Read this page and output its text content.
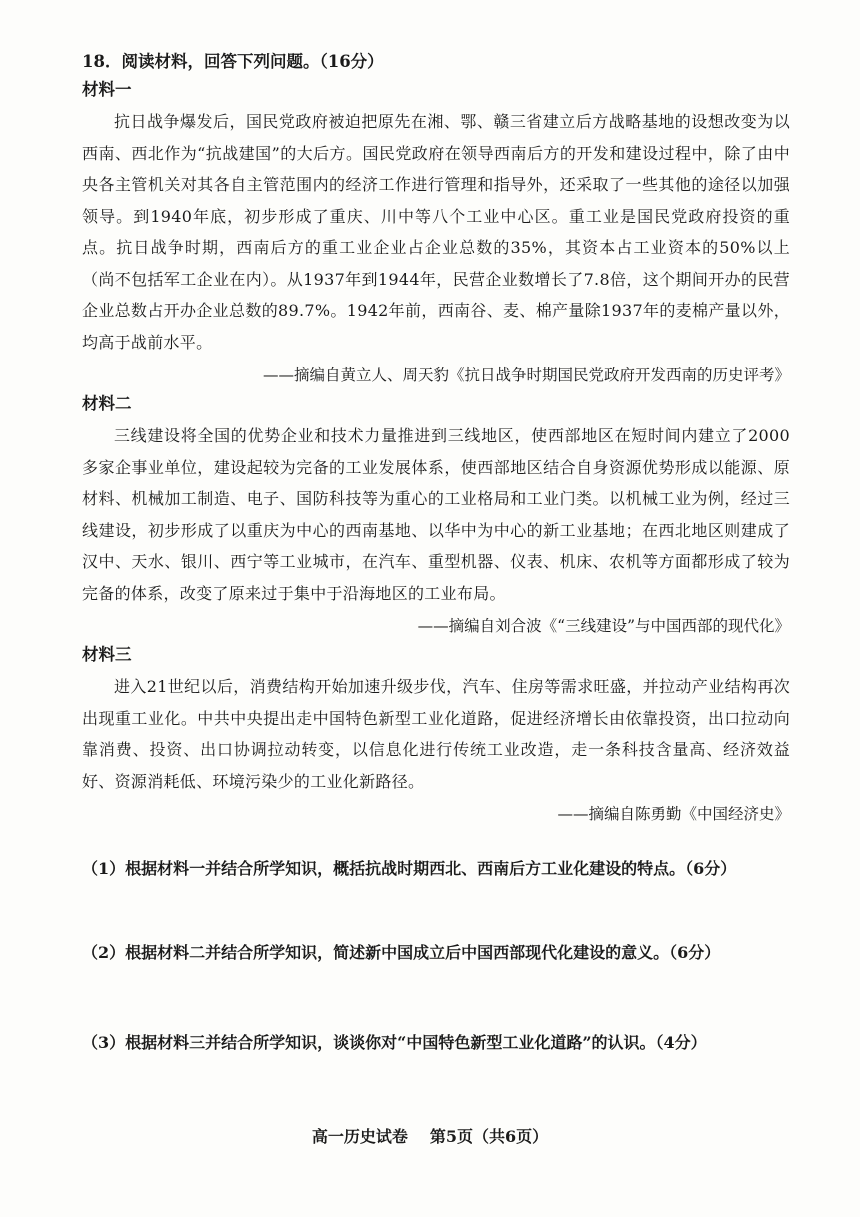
18．阅读材料，回答下列问题。（16分）

材料一

抗日战争爆发后，国民党政府被迫把原先在湘、鄂、赣三省建立后方战略基地的设想改变为以西南、西北作为“抗战建国”的大后方。国民党政府在领导西南后方的开发和建设过程中，除了由中央各主管机关对其各自主管范围内的经济工作进行管理和指导外，还采取了一些其他的途径以加强领导。到1940年底，初步形成了重庆、川中等八个工业中心区。重工业是国民党政府投资的重点。抗日战争时期，西南后方的重工业企业占企业总数的35%，其资本占工业资本的50%以上（尚不包括军工企业在内）。从1937年到1944年，民营企业数增长了7.8倍，这个期间开办的民营企业总数占开办企业总数的89.7%。1942年前，西南谷、麦、棉产量除1937年的麦棉产量以外，均高于战前水平。

——摘编自黄立人、周天豹《抗日战争时期国民党政府开发西南的历史评考》

材料二

三线建设将全国的优势企业和技术力量推进到三线地区，使西部地区在短时间内建立了2000多家企事业单位，建设起较为完备的工业发展体系，使西部地区结合自身资源优势形成以能源、原材料、机械加工制造、电子、国防科技等为重心的工业格局和工业门类。以机械工业为例，经过三线建设，初步形成了以重庆为中心的西南基地、以华中为中心的新工业基地；在西北地区则建成了汉中、天水、银川、西宁等工业城市，在汽车、重型机器、仪表、机床、农机等方面都形成了较为完备的体系，改变了原来过于集中于沿海地区的工业布局。

——摘编自刘合波《“三线建设”与中国西部的现代化》

材料三

进入21世纪以后，消费结构开始加速升级步伐，汽车、住房等需求旺盛，并拉动产业结构再次出现重工业化。中共中央提出走中国特色新型工业化道路，促进经济增长由依靠投资，出口拉动向靠消费、投资、出口协调拉动转变，以信息化进行传统工业改造，走一条科技含量高、经济效益好、资源消耗低、环境污染少的工业化新路径。

——摘编自陈勇勤《中国经济史》

（1）根据材料一并结合所学知识，概括抗战时期西北、西南后方工业化建设的特点。（6分）

（2）根据材料二并结合所学知识，简述新中国成立后中国西部现代化建设的意义。（6分）

（3）根据材料三并结合所学知识，谈谈你对“中国特色新型工业化道路”的认识。（4分）

高一历史试卷 第5页（共6页）
